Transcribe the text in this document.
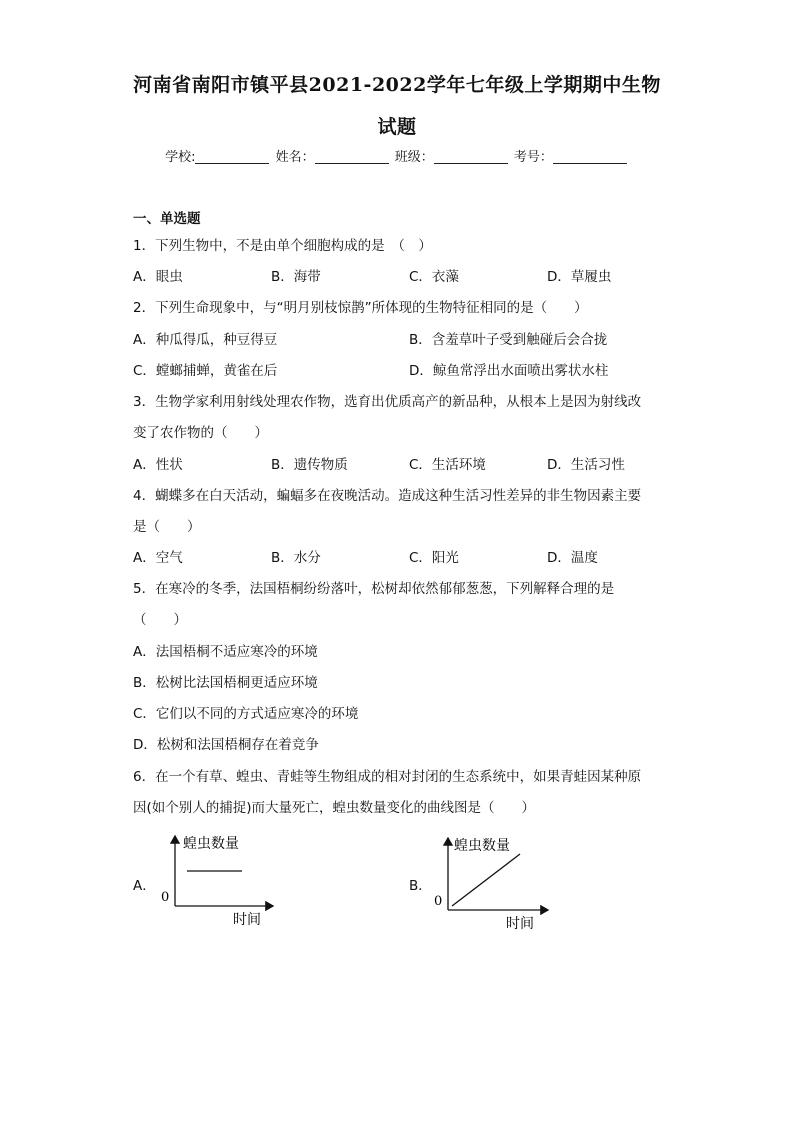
河南省南阳市镇平县2021-2022学年七年级上学期期中生物
试题
学校:	姓名：	班级：	考号：
一、单选题
1．下列生物中，不是由单个细胞构成的是　（　）
A．眼虫	B．海带	C．衣藻	D．草履虫
2．下列生命现象中，与“明月别枝惊鹊”所体现的生物特征相同的是（　　）
A．种瓜得瓜，种豆得豆	B．含羞草叶子受到触碰后会合拢
C．螳螂捕蝉，黄雀在后	D．鲸鱼常浮出水面喷出雾状水柱
3．生物学家利用射线处理农作物，选育出优质高产的新品种，从根本上是因为射线改
变了农作物的（　　）
A．性状	B．遗传物质	C．生活环境	D．生活习性
4．蝴蝶多在白天活动，蝙蝠多在夜晚活动。造成这种生活习性差异的非生物因素主要
是（　　）
A．空气	B．水分	C．阳光	D．温度
5．在寒冷的冬季，法国梧桐纷纷落叶，松树却依然郁郁葱葱，下列解释合理的是
（　　）
A．法国梧桐不适应寒冷的环境
B．松树比法国梧桐更适应环境
C．它们以不同的方式适应寒冷的环境
D．松树和法国梧桐存在着竞争
6．在一个有草、蝗虫、青蛙等生物组成的相对封闭的生态系统中，如果青蛙因某种原
因(如个别人的捕捉)而大量死亡，蝗虫数量变化的曲线图是（　　）
A．
蝗虫数量
0
时间
B．
蝗虫数量
0
时间
